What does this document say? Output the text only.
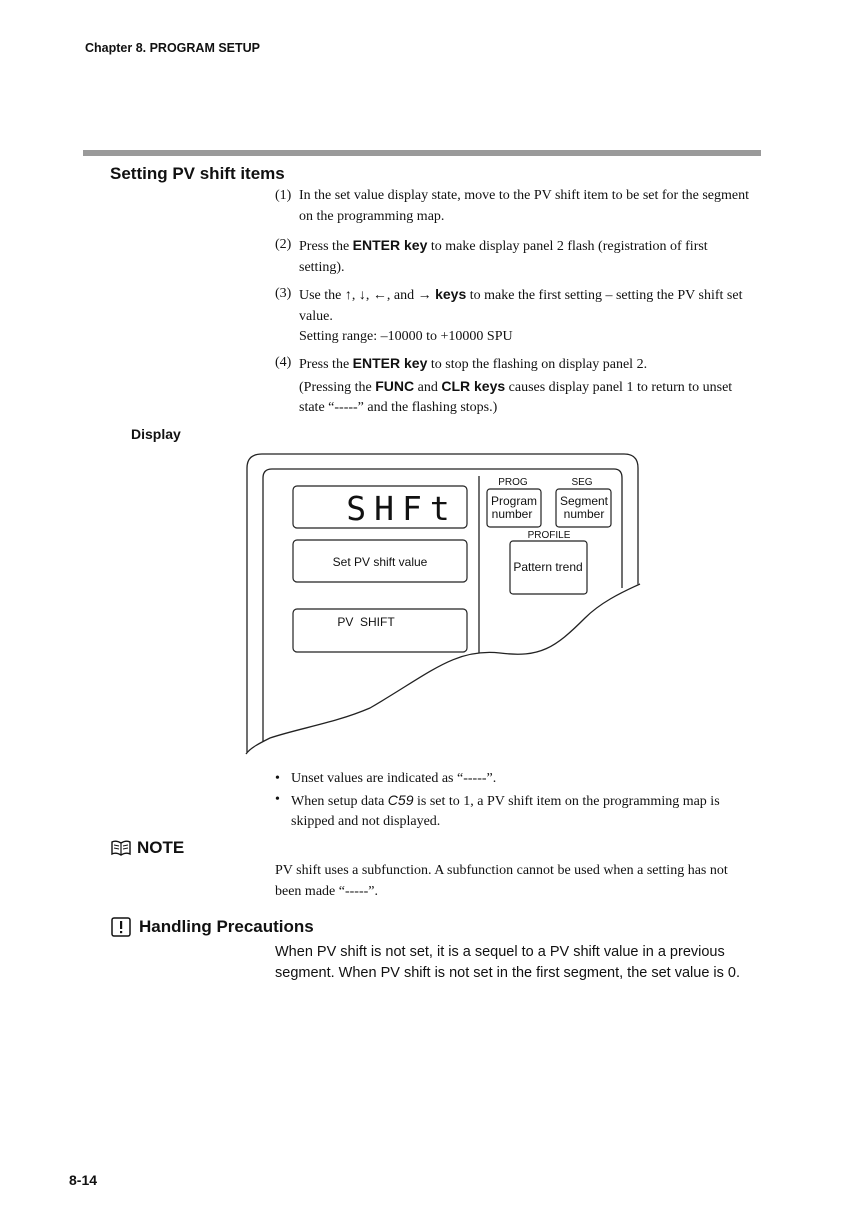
Chapter 8. PROGRAM SETUP
Setting PV shift items
(1) In the set value display state, move to the PV shift item to be set for the segment on the programming map.
(2) Press the ENTER key to make display panel 2 flash (registration of first setting).
(3) Use the ↑, ↓, ←, and → keys to make the first setting – setting the PV shift set value.
Setting range: –10000 to +10000 SPU
(4) Press the ENTER key to stop the flashing on display panel 2.
(Pressing the FUNC and CLR keys causes display panel 1 to return to unset state “-----” and the flashing stops.)
Display
SHFt
Set PV shift value
PV  SHIFT
PROG
Program
number
SEG
Segment
number
PROFILE
Pattern trend
• Unset values are indicated as “-----”.
• When setup data C59 is set to 1, a PV shift item on the programming map is skipped and not displayed.
NOTE
PV shift uses a subfunction. A subfunction cannot be used when a setting has not been made “-----”.
Handling Precautions
When PV shift is not set, it is a sequel to a PV shift value in a previous segment. When PV shift is not set in the first segment, the set value is 0.
8-14
